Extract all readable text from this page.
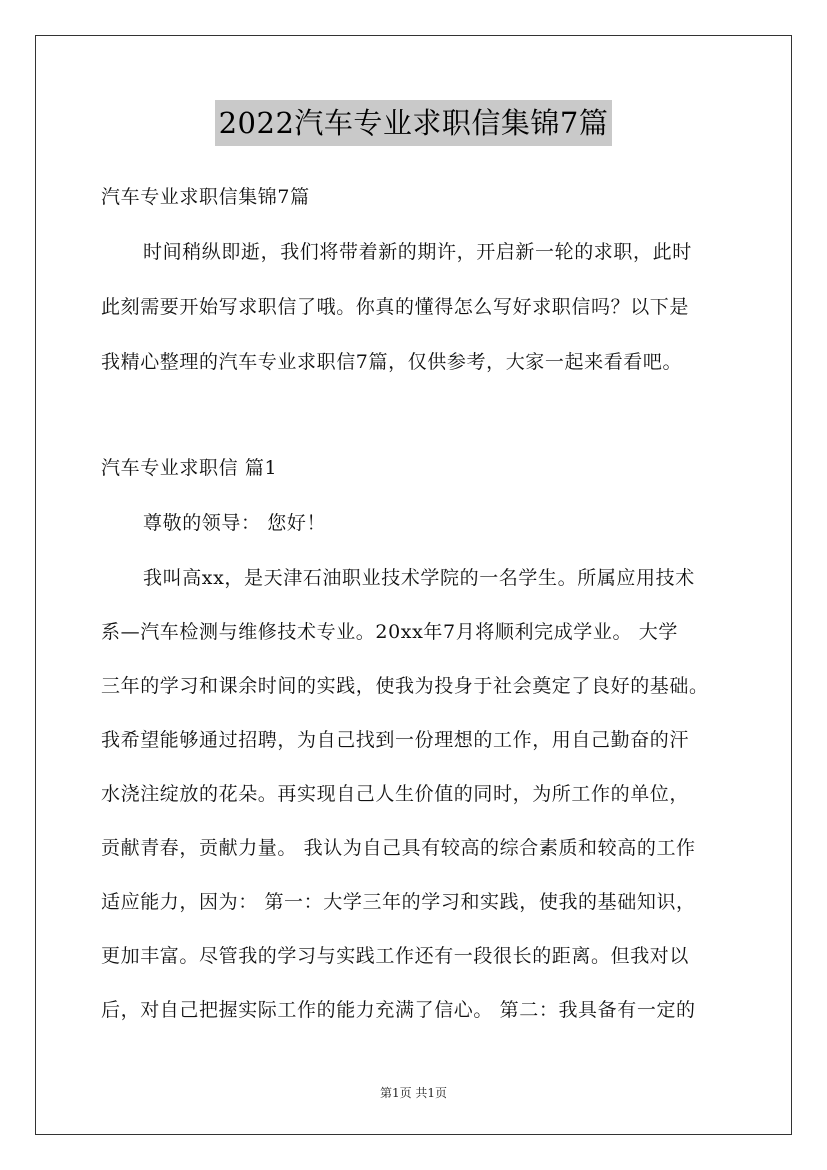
2022汽车专业求职信集锦7篇
汽车专业求职信集锦7篇
时间稍纵即逝，我们将带着新的期许，开启新一轮的求职，此时
此刻需要开始写求职信了哦。你真的懂得怎么写好求职信吗？以下是
我精心整理的汽车专业求职信7篇，仅供参考，大家一起来看看吧。
汽车专业求职信 篇1
尊敬的领导： 您好！
我叫高xx，是天津石油职业技术学院的一名学生。所属应用技术
系—汽车检测与维修技术专业。20xx年7月将顺利完成学业。 大学
三年的学习和课余时间的实践，使我为投身于社会奠定了良好的基础。
我希望能够通过招聘，为自己找到一份理想的工作，用自己勤奋的汗
水浇注绽放的花朵。再实现自己人生价值的同时，为所工作的单位，
贡献青春，贡献力量。 我认为自己具有较高的综合素质和较高的工作
适应能力，因为： 第一：大学三年的学习和实践，使我的基础知识，
更加丰富。尽管我的学习与实践工作还有一段很长的距离。但我对以
后，对自己把握实际工作的能力充满了信心。 第二：我具备有一定的
第1页 共1页
